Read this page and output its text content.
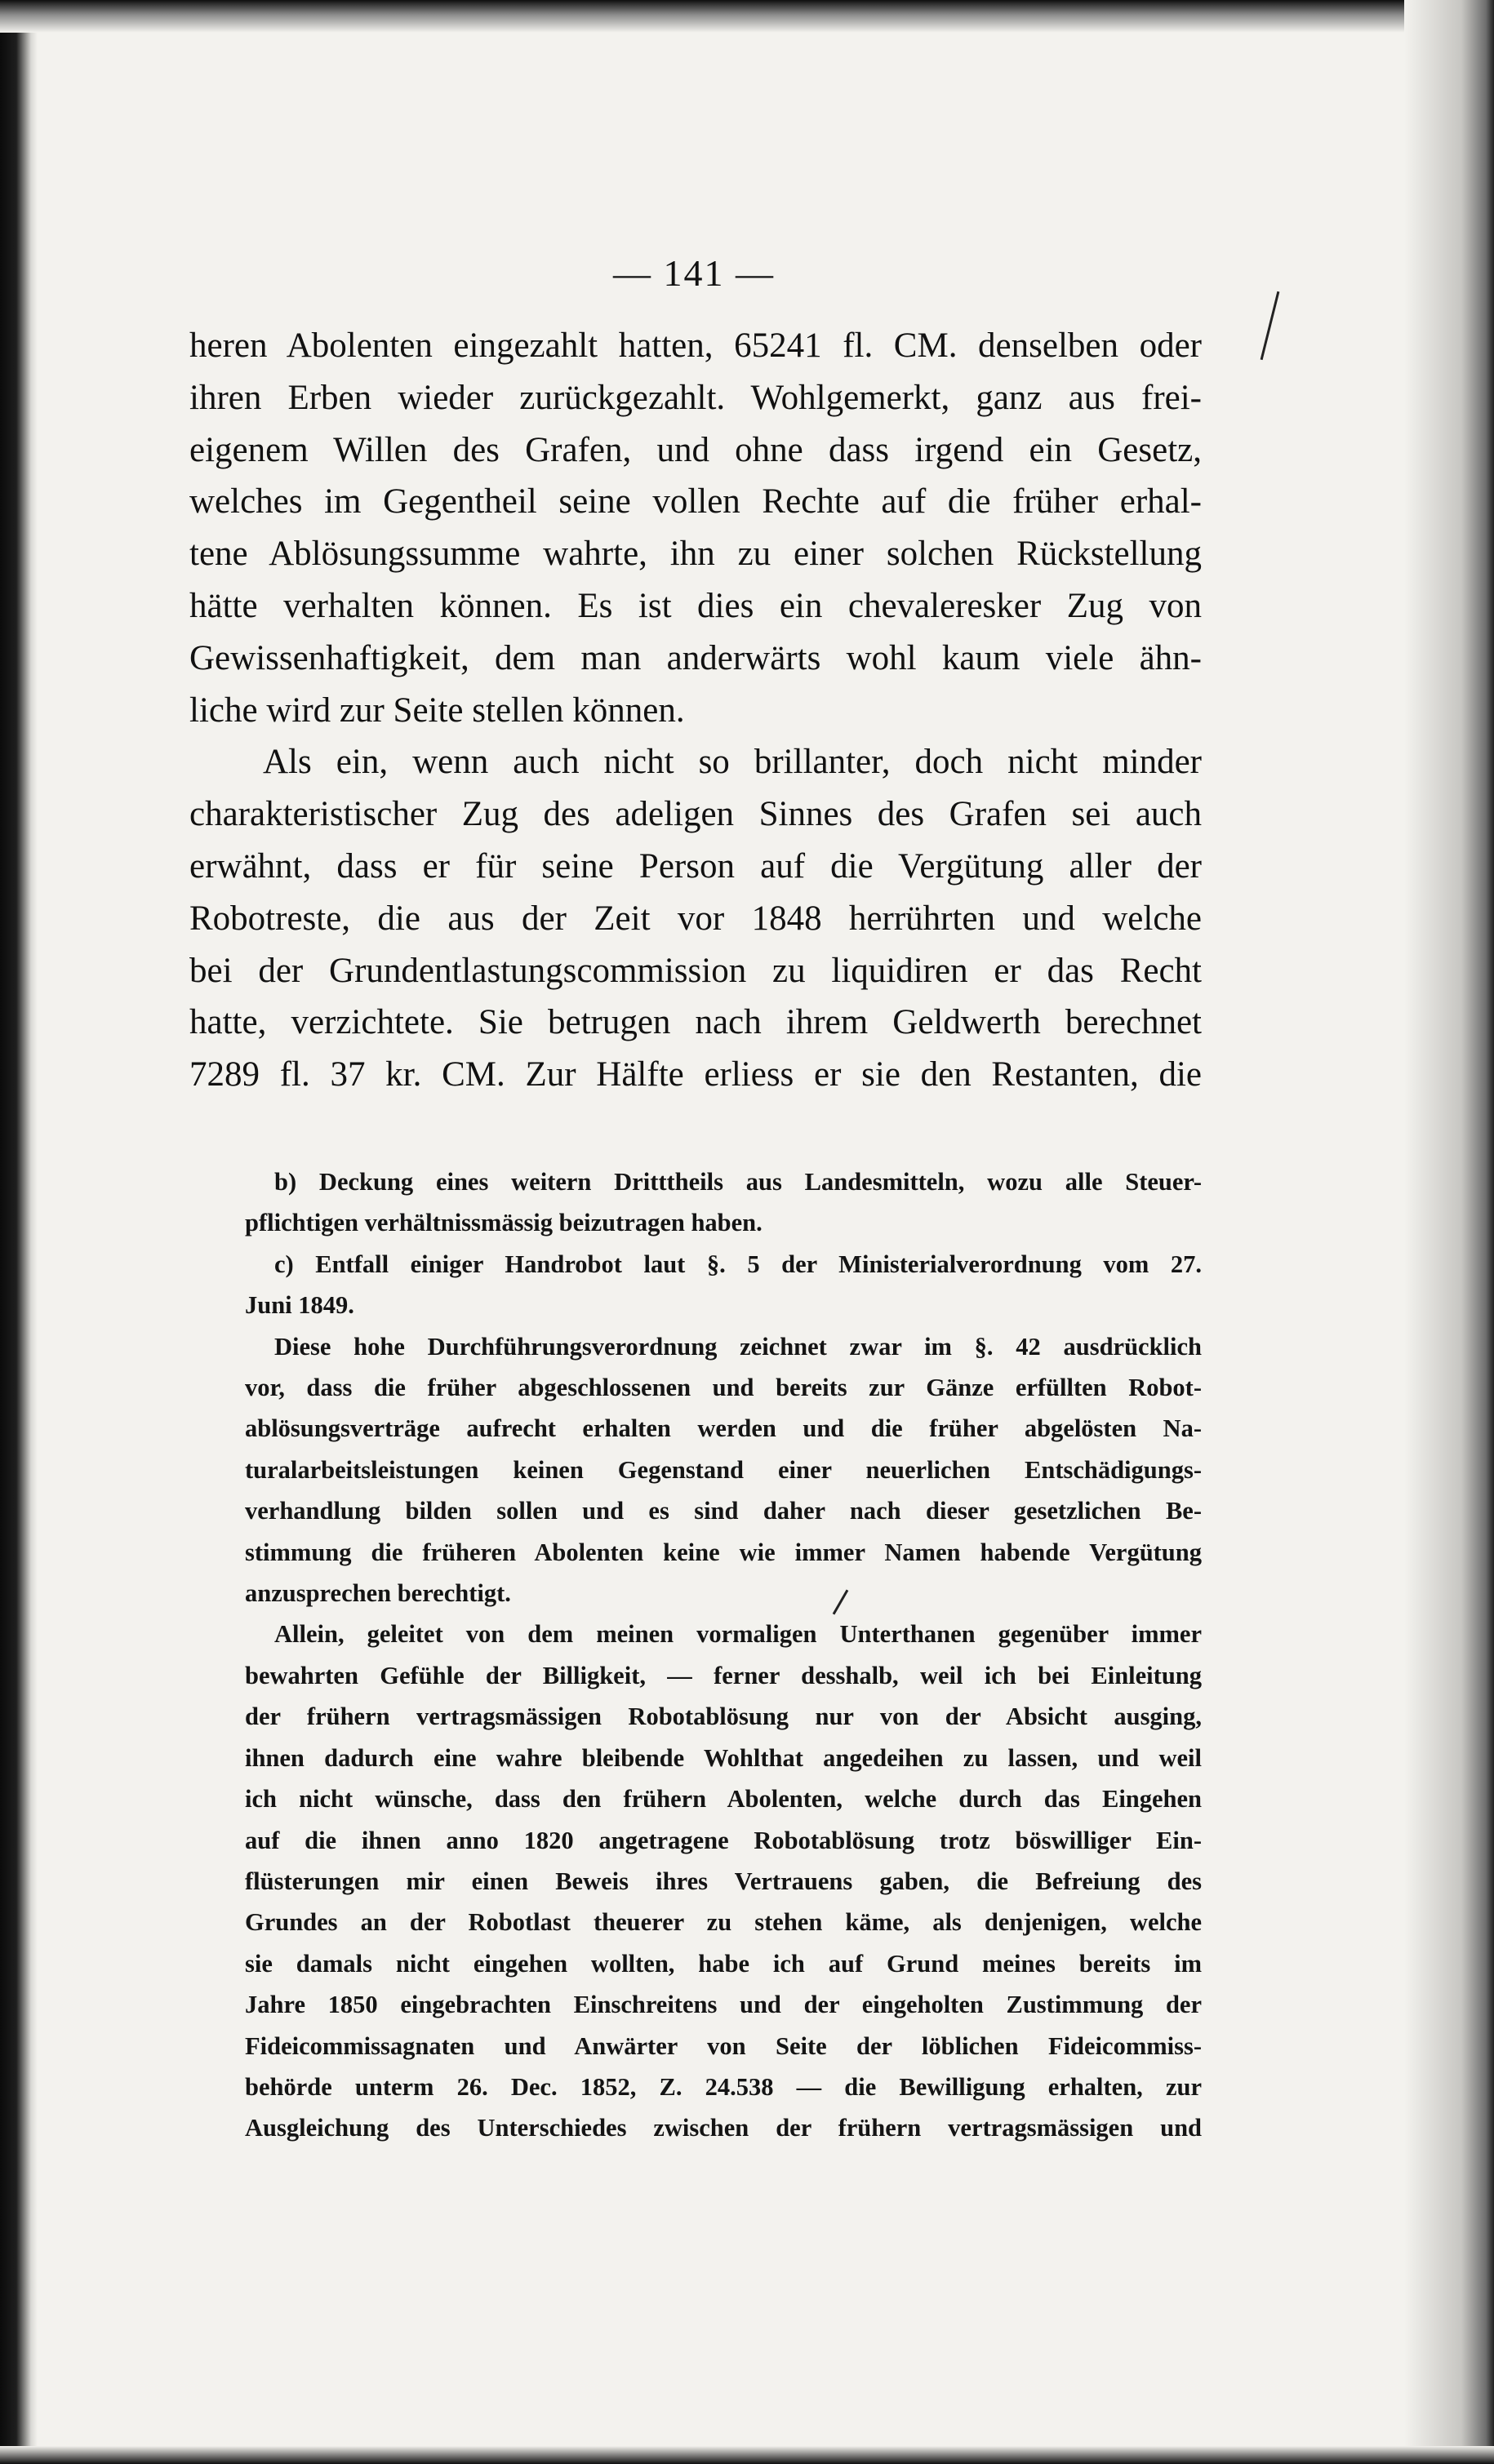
— 141 —
heren Abolenten eingezahlt hatten, 65241 fl. CM. denselben oder
ihren Erben wieder zurückgezahlt. Wohlgemerkt, ganz aus frei-
eigenem Willen des Grafen, und ohne dass irgend ein Gesetz,
welches im Gegentheil seine vollen Rechte auf die früher erhal-
tene Ablösungssumme wahrte, ihn zu einer solchen Rückstellung
hätte verhalten können. Es ist dies ein chevaleresker Zug von
Gewissenhaftigkeit, dem man anderwärts wohl kaum viele ähn-
liche wird zur Seite stellen können.
Als ein, wenn auch nicht so brillanter, doch nicht minder
charakteristischer Zug des adeligen Sinnes des Grafen sei auch
erwähnt, dass er für seine Person auf die Vergütung aller der
Robotreste, die aus der Zeit vor 1848 herrührten und welche
bei der Grundentlastungscommission zu liquidiren er das Recht
hatte, verzichtete. Sie betrugen nach ihrem Geldwerth berechnet
7289 fl. 37 kr. CM. Zur Hälfte erliess er sie den Restanten, die
b) Deckung eines weitern Dritttheils aus Landesmitteln, wozu alle Steuer-
pflichtigen verhältnissmässig beizutragen haben.
c) Entfall einiger Handrobot laut §. 5 der Ministerialverordnung vom 27.
Juni 1849.
Diese hohe Durchführungsverordnung zeichnet zwar im §. 42 ausdrücklich
vor, dass die früher abgeschlossenen und bereits zur Gänze erfüllten Robot-
ablösungsverträge aufrecht erhalten werden und die früher abgelösten Na-
turalarbeitsleistungen keinen Gegenstand einer neuerlichen Entschädigungs-
verhandlung bilden sollen und es sind daher nach dieser gesetzlichen Be-
stimmung die früheren Abolenten keine wie immer Namen habende Vergütung
anzusprechen berechtigt.
Allein, geleitet von dem meinen vormaligen Unterthanen gegenüber immer
bewahrten Gefühle der Billigkeit, — ferner desshalb, weil ich bei Einleitung
der frühern vertragsmässigen Robotablösung nur von der Absicht ausging,
ihnen dadurch eine wahre bleibende Wohlthat angedeihen zu lassen, und weil
ich nicht wünsche, dass den frühern Abolenten, welche durch das Eingehen
auf die ihnen anno 1820 angetragene Robotablösung trotz böswilliger Ein-
flüsterungen mir einen Beweis ihres Vertrauens gaben, die Befreiung des
Grundes an der Robotlast theuerer zu stehen käme, als denjenigen, welche
sie damals nicht eingehen wollten, habe ich auf Grund meines bereits im
Jahre 1850 eingebrachten Einschreitens und der eingeholten Zustimmung der
Fideicommissagnaten und Anwärter von Seite der löblichen Fideicommiss-
behörde unterm 26. Dec. 1852, Z. 24.538 — die Bewilligung erhalten, zur
Ausgleichung des Unterschiedes zwischen der frühern vertragsmässigen und
